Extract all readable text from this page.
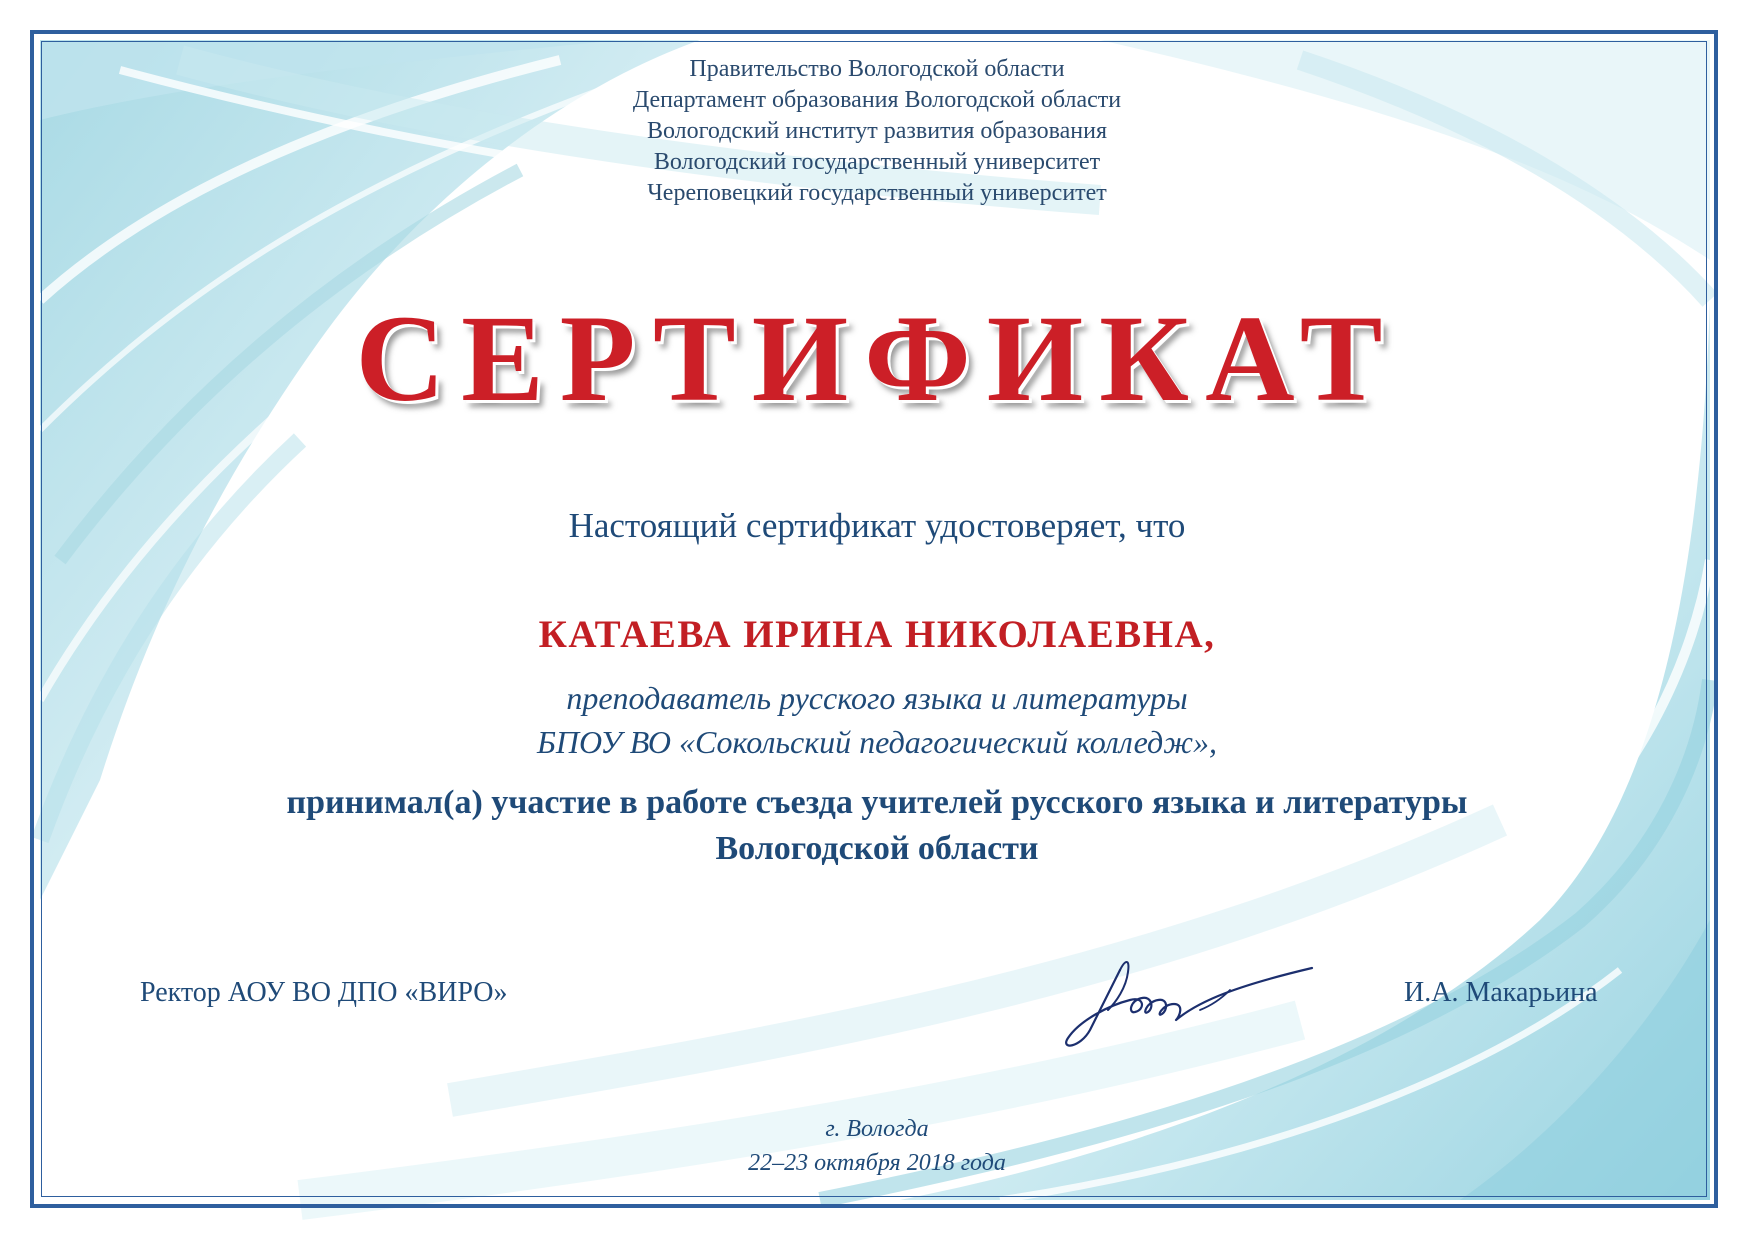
Правительство Вологодской области
Департамент образования Вологодской области
Вологодский институт развития образования
Вологодский государственный университет
Череповецкий государственный университет
СЕРТИФИКАТ
Настоящий сертификат удостоверяет, что
КАТАЕВА ИРИНА НИКОЛАЕВНА,
преподаватель русского языка и литературы
БПОУ ВО «Сокольский педагогический колледж»,
принимал(а) участие в работе съезда учителей русского языка и литературы
Вологодской области
Ректор АОУ ВО ДПО «ВИРО»	И.А. Макарьина
г. Вологда
22–23 октября 2018 года
